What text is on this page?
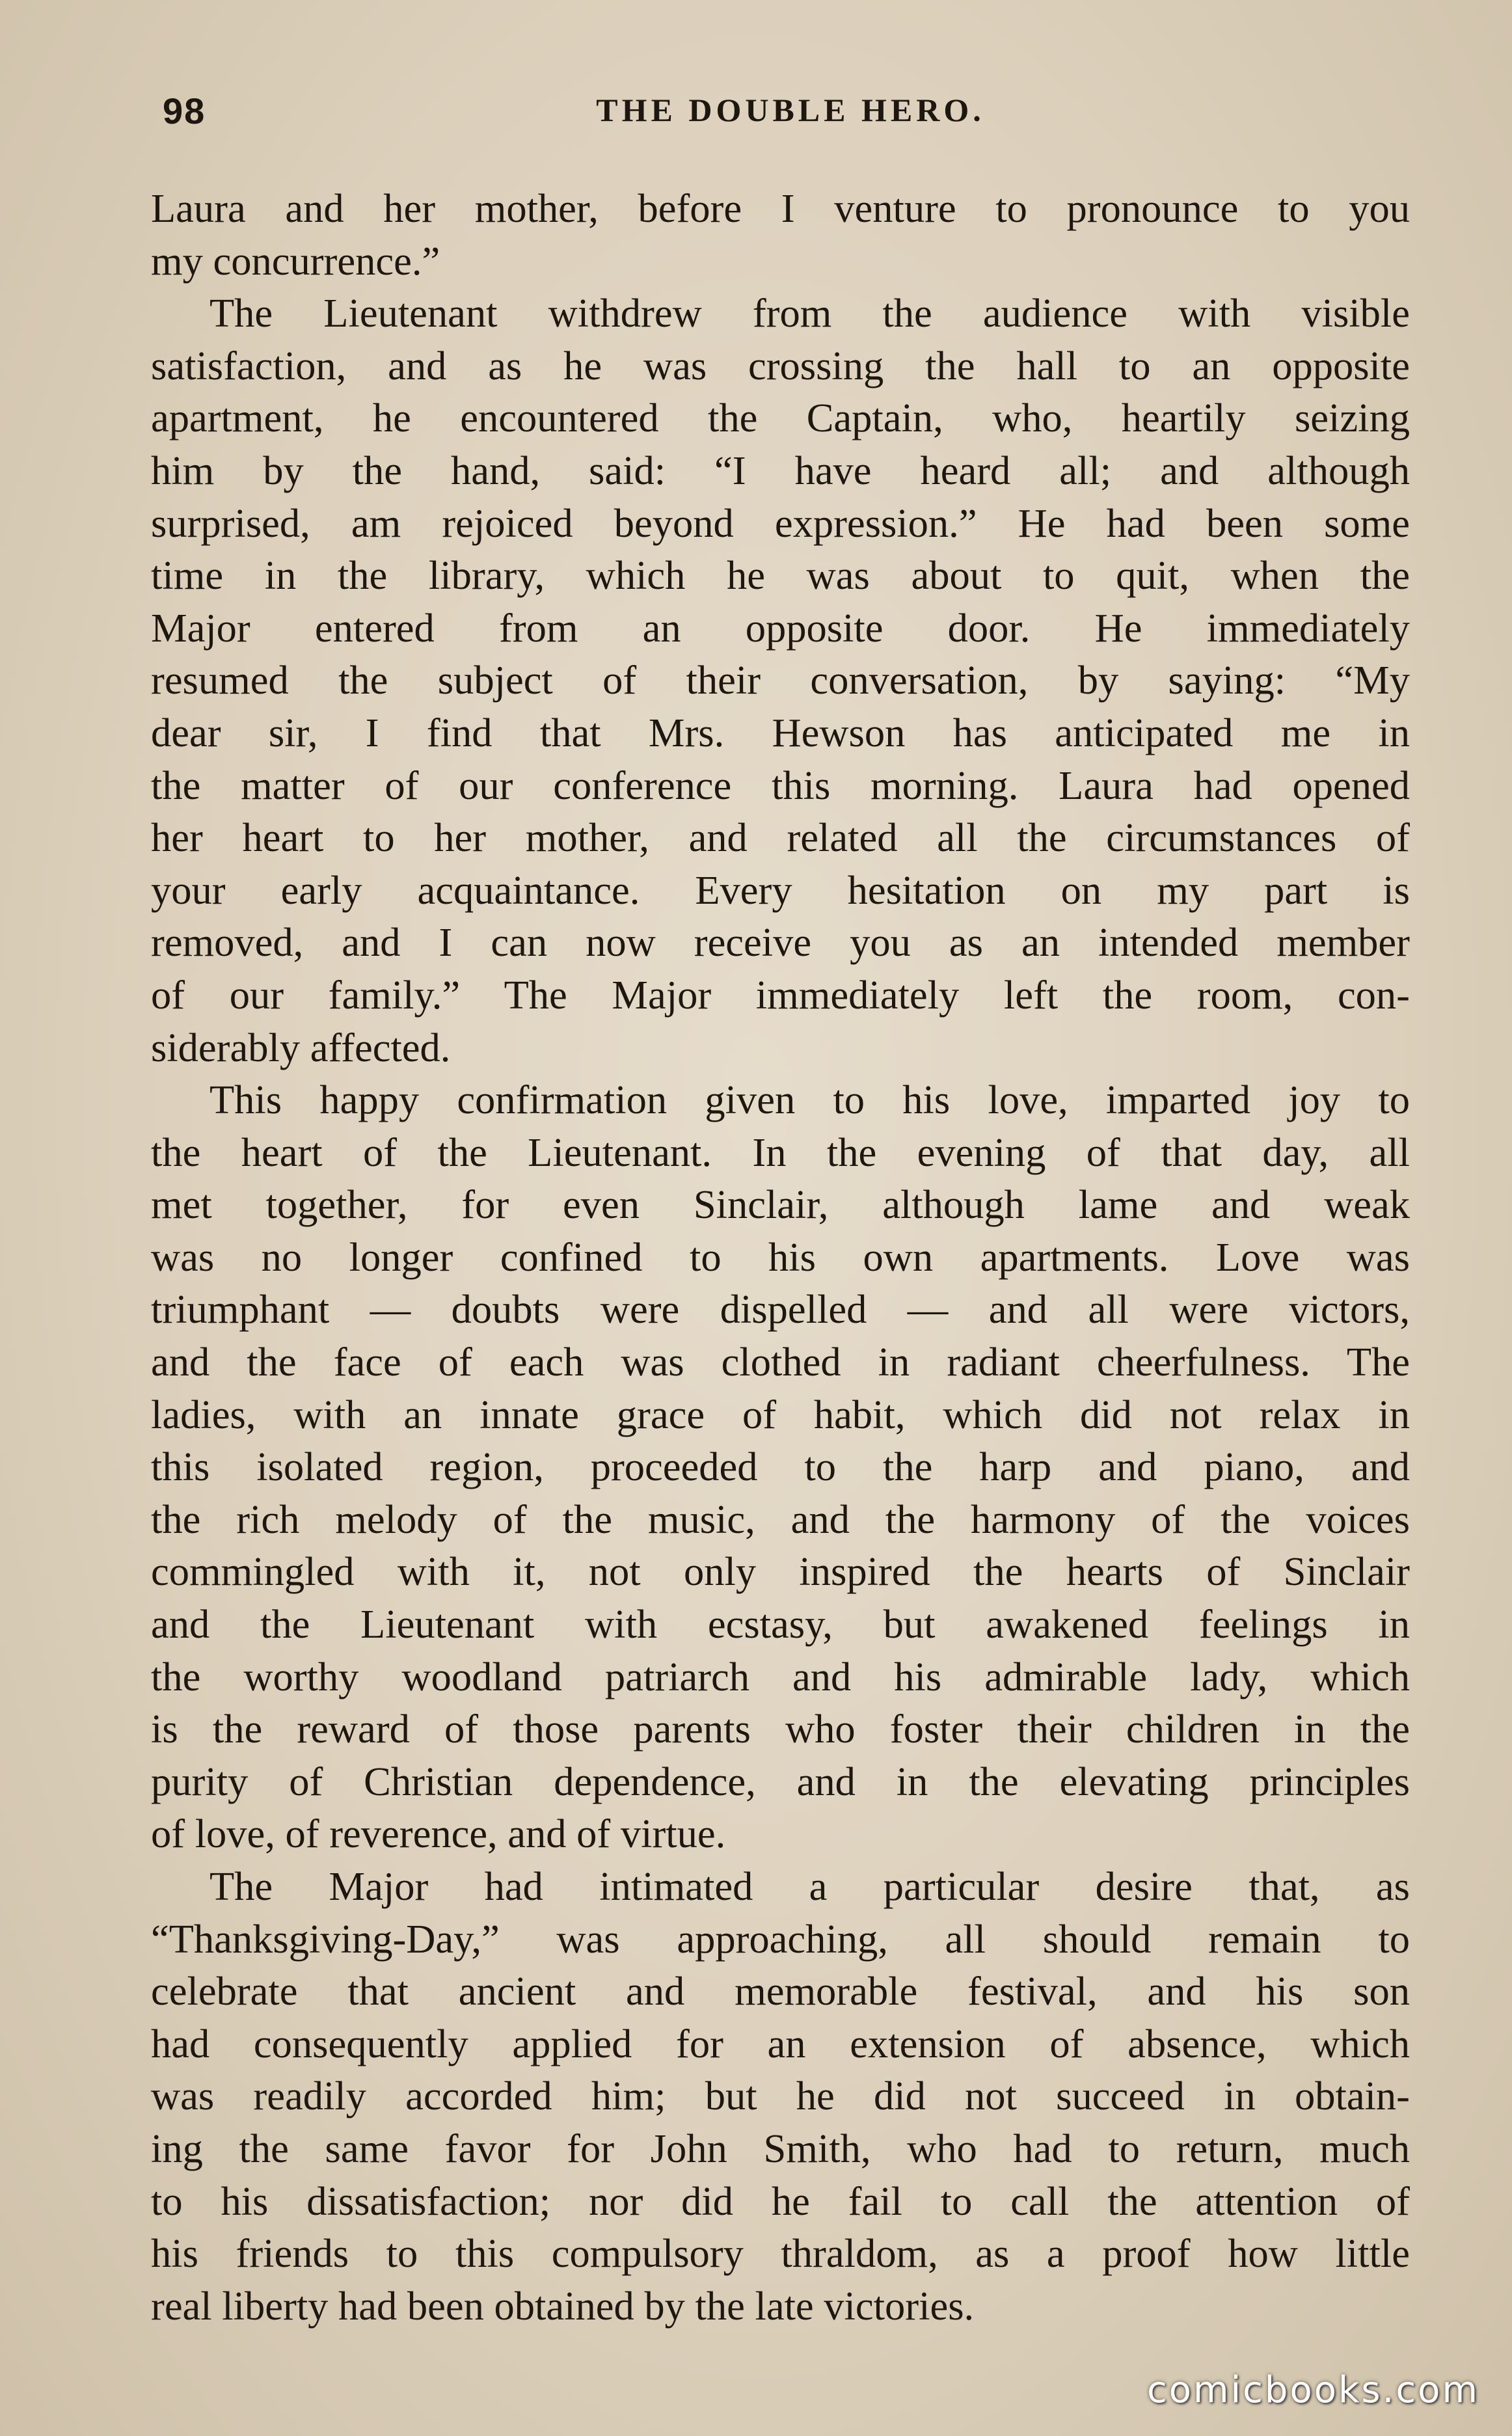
98	THE DOUBLE HERO.

Laura and her mother, before I venture to pronounce to you

my concurrence.”

The Lieutenant withdrew from the audience with visible

satisfaction, and as he was crossing the hall to an opposite

apartment, he encountered the Captain, who, heartily seizing

him by the hand, said: “I have heard all; and although

surprised, am rejoiced beyond expression.” He had been some

time in the library, which he was about to quit, when the

Major entered from an opposite door. He immediately

resumed the subject of their conversation, by saying: “My

dear sir, I find that Mrs. Hewson has anticipated me in

the matter of our conference this morning. Laura had opened

her heart to her mother, and related all the circumstances of

your early acquaintance. Every hesitation on my part is

removed, and I can now receive you as an intended member

of our family.” The Major immediately left the room, con-

siderably affected.

This happy confirmation given to his love, imparted joy to

the heart of the Lieutenant. In the evening of that day, all

met together, for even Sinclair, although lame and weak

was no longer confined to his own apartments. Love was

triumphant — doubts were dispelled — and all were victors,

and the face of each was clothed in radiant cheerfulness. The

ladies, with an innate grace of habit, which did not relax in

this isolated region, proceeded to the harp and piano, and

the rich melody of the music, and the harmony of the voices

commingled with it, not only inspired the hearts of Sinclair

and the Lieutenant with ecstasy, but awakened feelings in

the worthy woodland patriarch and his admirable lady, which

is the reward of those parents who foster their children in the

purity of Christian dependence, and in the elevating principles

of love, of reverence, and of virtue.

The Major had intimated a particular desire that, as

“Thanksgiving-Day,” was approaching, all should remain to

celebrate that ancient and memorable festival, and his son

had consequently applied for an extension of absence, which

was readily accorded him; but he did not succeed in obtain-

ing the same favor for John Smith, who had to return, much

to his dissatisfaction; nor did he fail to call the attention of

his friends to this compulsory thraldom, as a proof how little

real liberty had been obtained by the late victories.

comicbooks.com
